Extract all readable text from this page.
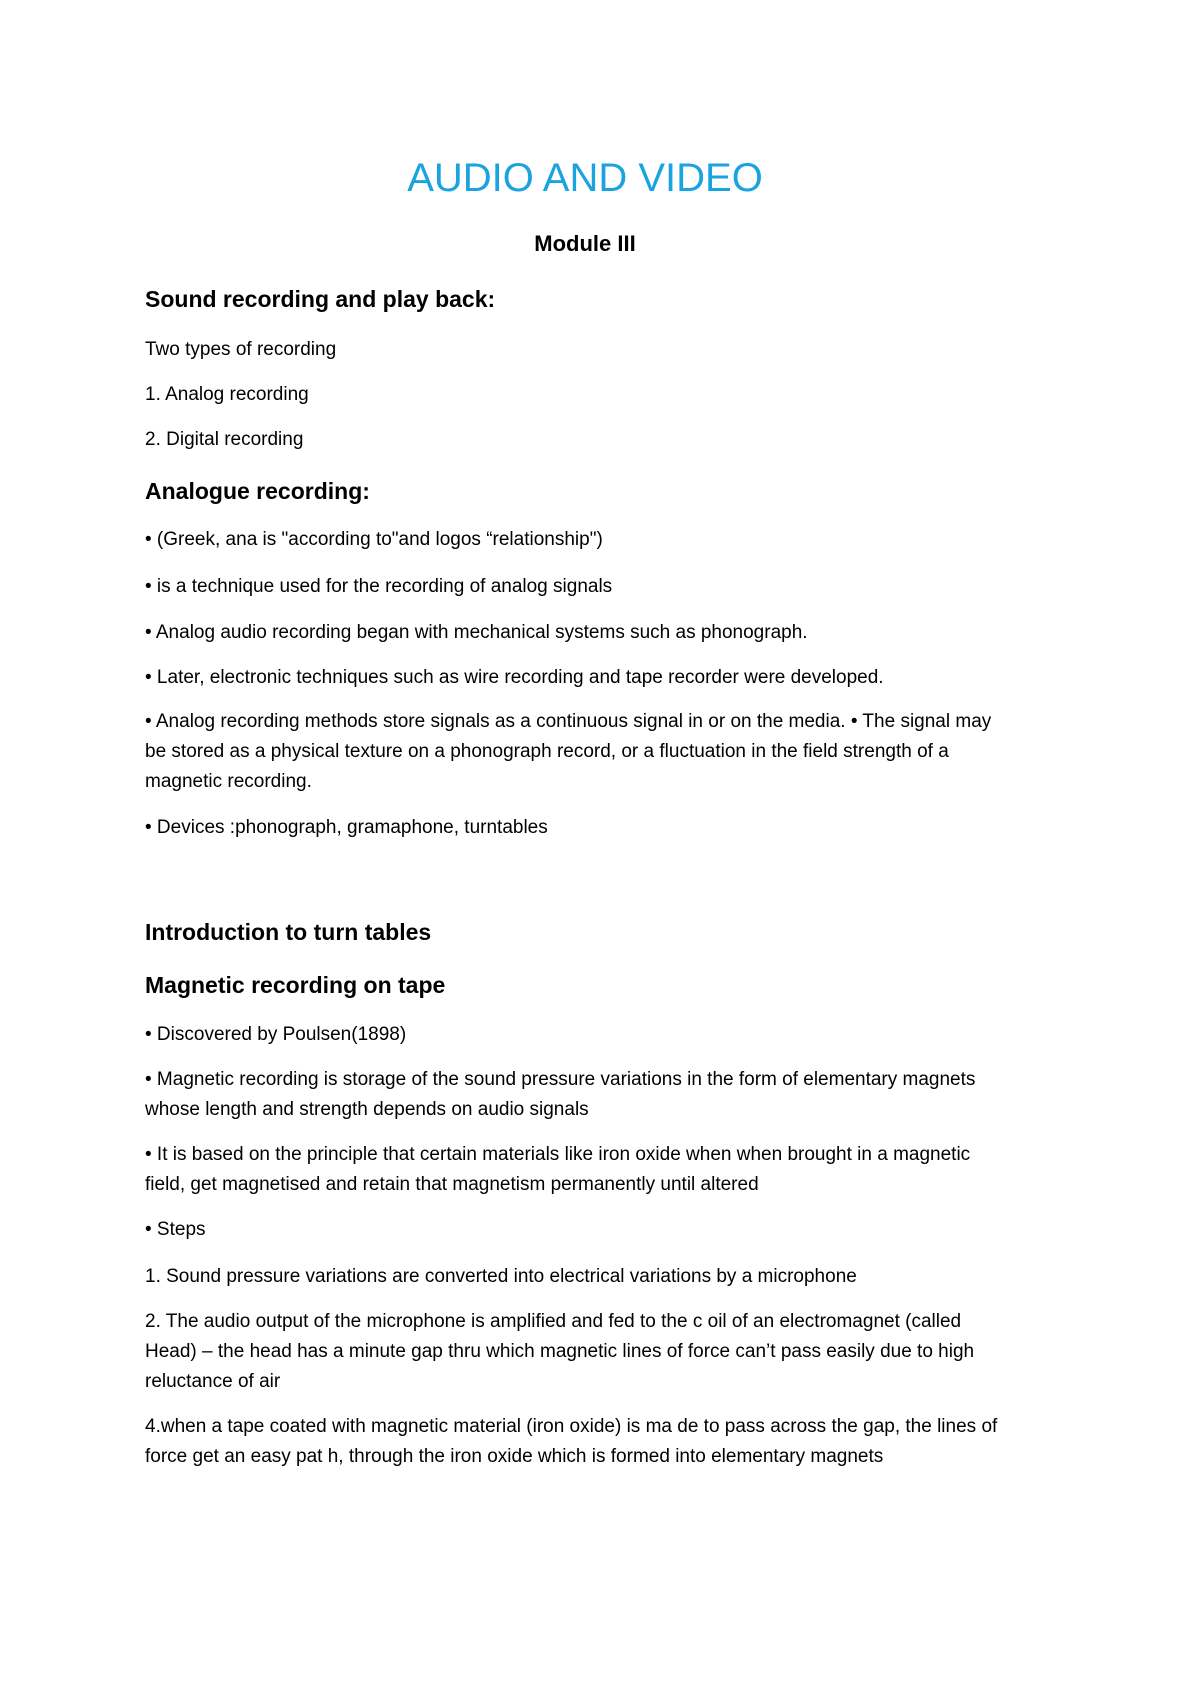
AUDIO AND VIDEO
Module III
Sound recording and play back:

Two types of recording

1. Analog recording

2. Digital recording

Analogue recording:

• (Greek, ana is "according to"and logos “relationship")

• is a technique used for the recording of analog signals

• Analog audio recording began with mechanical systems such as phonograph.

• Later, electronic techniques such as wire recording and tape recorder were developed.

• Analog recording methods store signals as a continuous signal in or on the media. • The signal may
be stored as a physical texture on a phonograph record, or a fluctuation in the field strength of a
magnetic recording.

• Devices :phonograph, gramaphone, turntables

Introduction to turn tables
Magnetic recording on tape

• Discovered by Poulsen(1898)

• Magnetic recording is storage of the sound pressure variations in the form of elementary magnets
whose length and strength depends on audio signals
• It is based on the principle that certain materials like iron oxide when when brought in a magnetic
field, get magnetised and retain that magnetism permanently until altered

• Steps

1. Sound pressure variations are converted into electrical variations by a microphone

2. The audio output of the microphone is amplified and fed to the c oil of an electromagnet (called
Head) – the head has a minute gap thru which magnetic lines of force can’t pass easily due to high
reluctance of air
4.when a tape coated with magnetic material (iron oxide) is ma de to pass across the gap, the lines of
force get an easy pat h, through the iron oxide which is formed into elementary magnets
